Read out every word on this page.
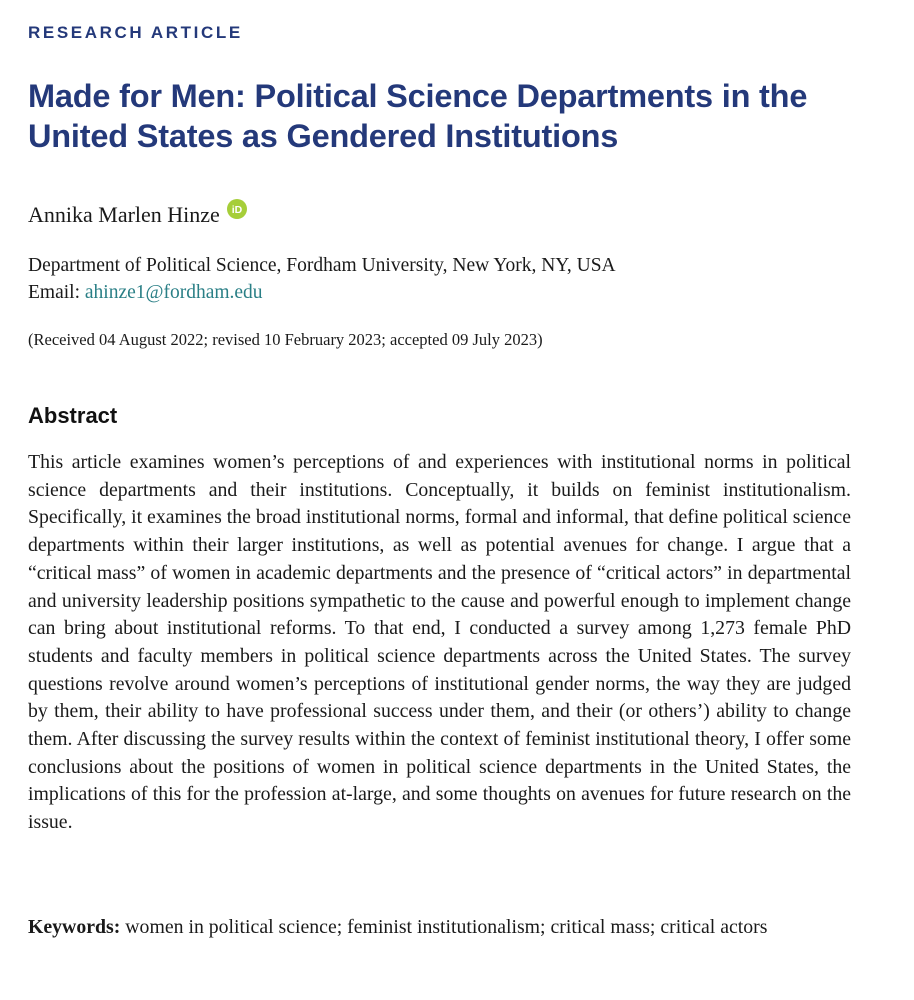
RESEARCH ARTICLE
Made for Men: Political Science Departments in the United States as Gendered Institutions
Annika Marlen Hinze iD
Department of Political Science, Fordham University, New York, NY, USA
Email: ahinze1@fordham.edu
(Received 04 August 2022; revised 10 February 2023; accepted 09 July 2023)
Abstract

This article examines women’s perceptions of and experiences with institutional norms in political science departments and their institutions. Conceptually, it builds on feminist institutionalism. Specifically, it examines the broad institutional norms, formal and informal, that define political science departments within their larger institutions, as well as potential avenues for change. I argue that a “critical mass” of women in academic departments and the presence of “critical actors” in departmental and university leadership positions sympathetic to the cause and powerful enough to implement change can bring about institutional reforms. To that end, I conducted a survey among 1,273 female PhD students and faculty members in political science departments across the United States. The survey questions revolve around women’s perceptions of institutional gender norms, the way they are judged by them, their ability to have professional success under them, and their (or others’) ability to change them. After discussing the survey results within the context of feminist institutional theory, I offer some conclusions about the positions of women in political science departments in the United States, the implications of this for the profession at-large, and some thoughts on avenues for future research on the issue.

Keywords: women in political science; feminist institutionalism; critical mass; critical actors
